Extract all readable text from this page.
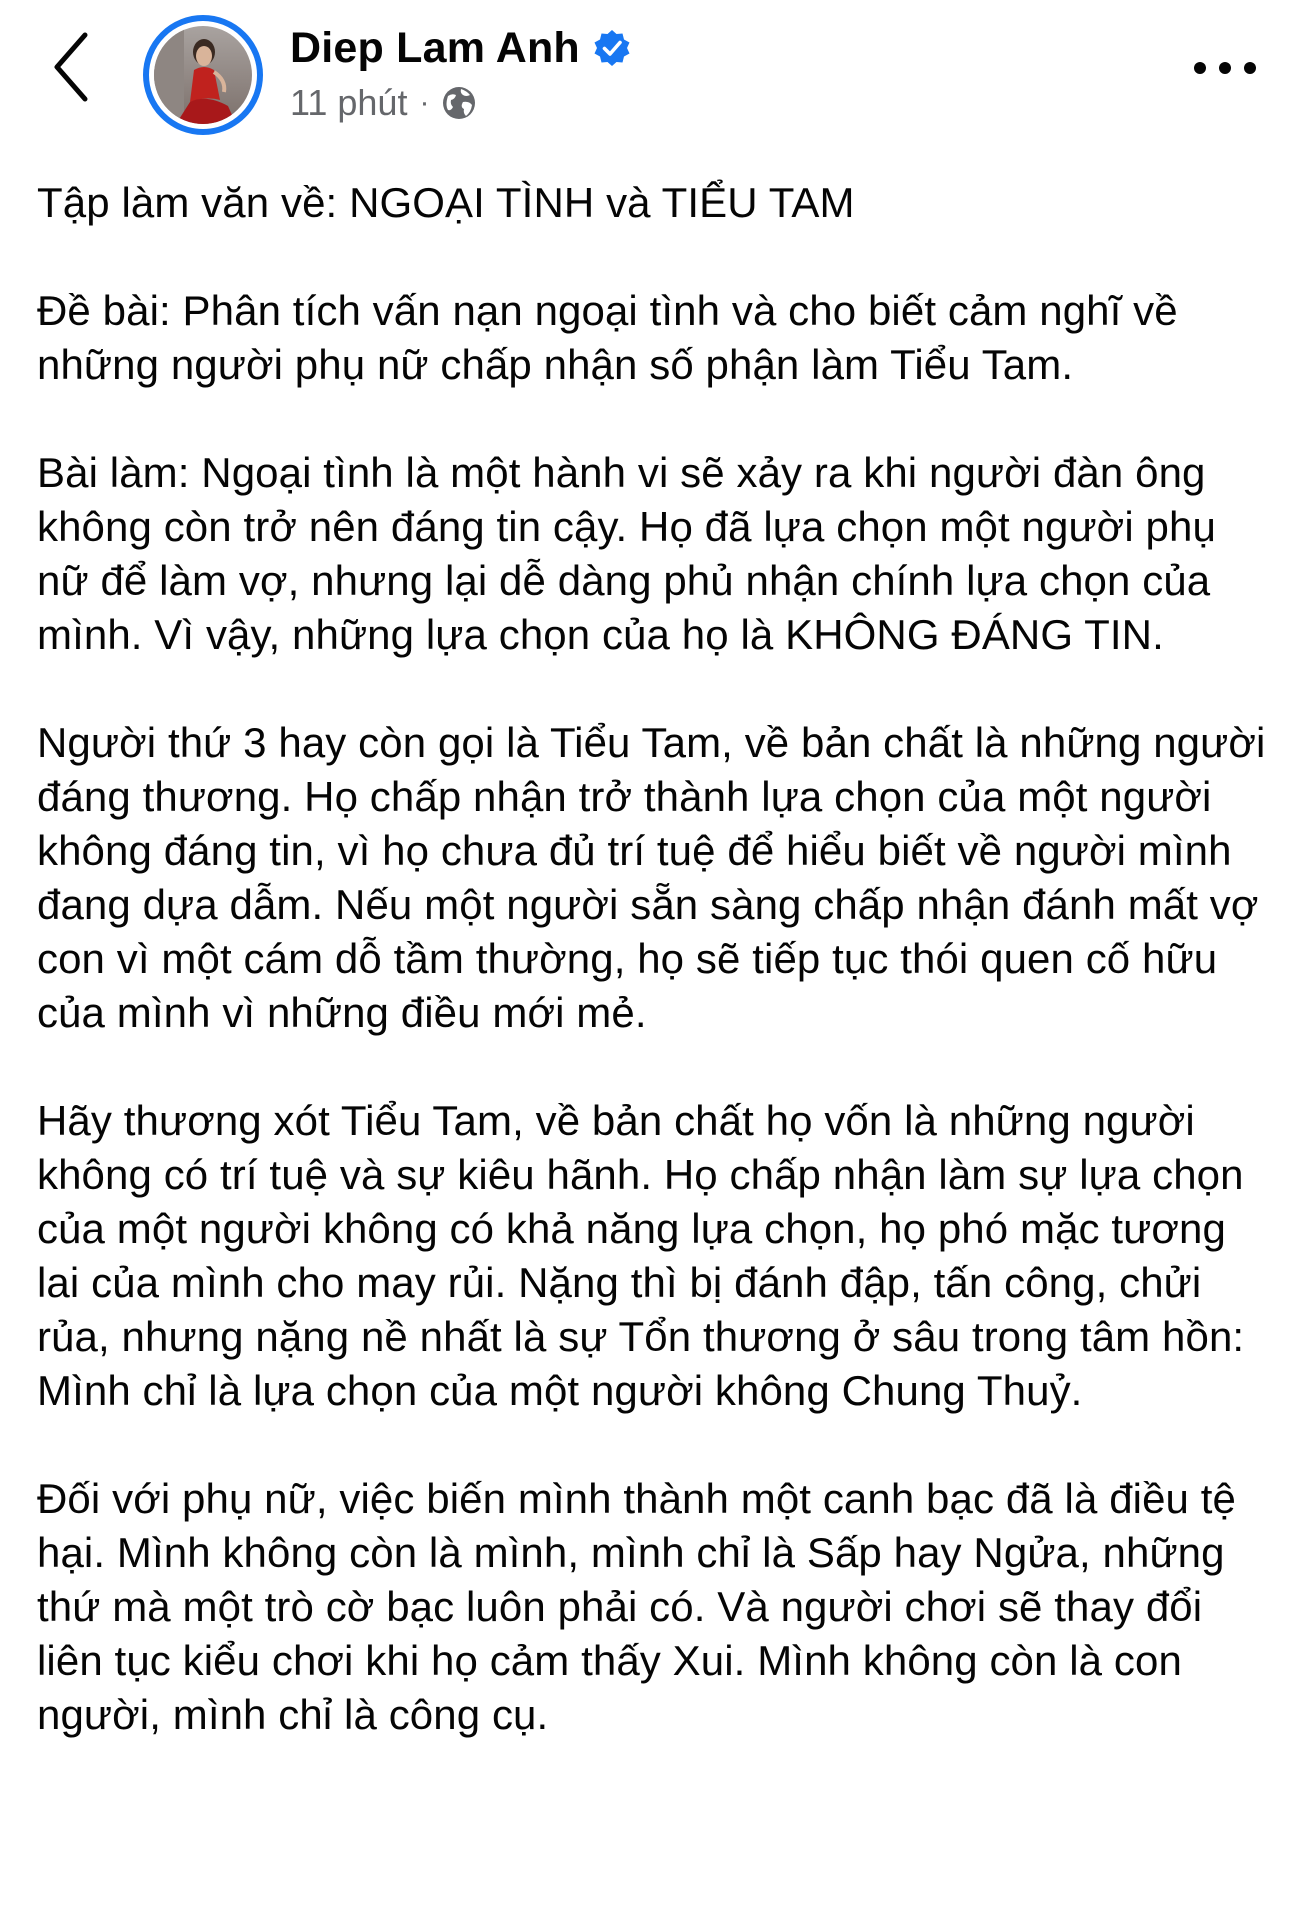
Diep Lam Anh
11 phút ·

Tập làm văn về: NGOẠI TÌNH và TIỂU TAM

Đề bài: Phân tích vấn nạn ngoại tình và cho biết cảm nghĩ về những người phụ nữ chấp nhận số phận làm Tiểu Tam.

Bài làm: Ngoại tình là một hành vi sẽ xảy ra khi người đàn ông không còn trở nên đáng tin cậy. Họ đã lựa chọn một người phụ nữ để làm vợ, nhưng lại dễ dàng phủ nhận chính lựa chọn của mình. Vì vậy, những lựa chọn của họ là KHÔNG ĐÁNG TIN.

Người thứ 3 hay còn gọi là Tiểu Tam, về bản chất là những người đáng thương. Họ chấp nhận trở thành lựa chọn của một người không đáng tin, vì họ chưa đủ trí tuệ để hiểu biết về người mình đang dựa dẫm. Nếu một người sẵn sàng chấp nhận đánh mất vợ con vì một cám dỗ tầm thường, họ sẽ tiếp tục thói quen cố hữu của mình vì những điều mới mẻ.

Hãy thương xót Tiểu Tam, về bản chất họ vốn là những người không có trí tuệ và sự kiêu hãnh. Họ chấp nhận làm sự lựa chọn của một người không có khả năng lựa chọn, họ phó mặc tương lai của mình cho may rủi. Nặng thì bị đánh đập, tấn công, chửi rủa, nhưng nặng nề nhất là sự Tổn thương ở sâu trong tâm hồn: Mình chỉ là lựa chọn của một người không Chung Thuỷ.

Đối với phụ nữ, việc biến mình thành một canh bạc đã là điều tệ hại. Mình không còn là mình, mình chỉ là Sấp hay Ngửa, những thứ mà một trò cờ bạc luôn phải có. Và người chơi sẽ thay đổi liên tục kiểu chơi khi họ cảm thấy Xui. Mình không còn là con người, mình chỉ là công cụ.
